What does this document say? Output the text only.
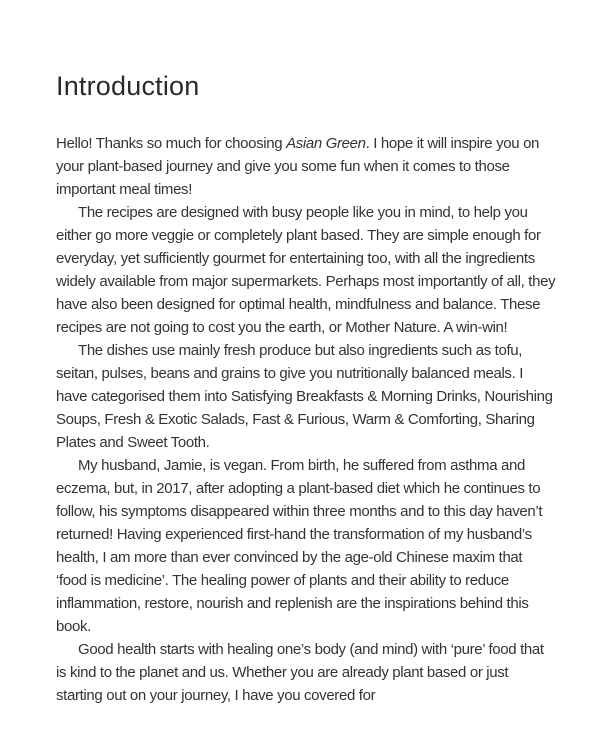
Introduction

Hello! Thanks so much for choosing Asian Green. I hope it will inspire you on your plant-based journey and give you some fun when it comes to those important meal times!

The recipes are designed with busy people like you in mind, to help you either go more veggie or completely plant based. They are simple enough for everyday, yet sufficiently gourmet for entertaining too, with all the ingredients widely available from major supermarkets. Perhaps most importantly of all, they have also been designed for optimal health, mindfulness and balance. These recipes are not going to cost you the earth, or Mother Nature. A win-win!

The dishes use mainly fresh produce but also ingredients such as tofu, seitan, pulses, beans and grains to give you nutritionally balanced meals. I have categorised them into Satisfying Breakfasts & Morning Drinks, Nourishing Soups, Fresh & Exotic Salads, Fast & Furious, Warm & Comforting, Sharing Plates and Sweet Tooth.

My husband, Jamie, is vegan. From birth, he suffered from asthma and eczema, but, in 2017, after adopting a plant-based diet which he continues to follow, his symptoms disappeared within three months and to this day haven’t returned! Having experienced first-hand the transformation of my husband’s health, I am more than ever convinced by the age-old Chinese maxim that ‘food is medicine’. The healing power of plants and their ability to reduce inflammation, restore, nourish and replenish are the inspirations behind this book.

Good health starts with healing one’s body (and mind) with ‘pure’ food that is kind to the planet and us. Whether you are already plant based or just starting out on your journey, I have you covered for
